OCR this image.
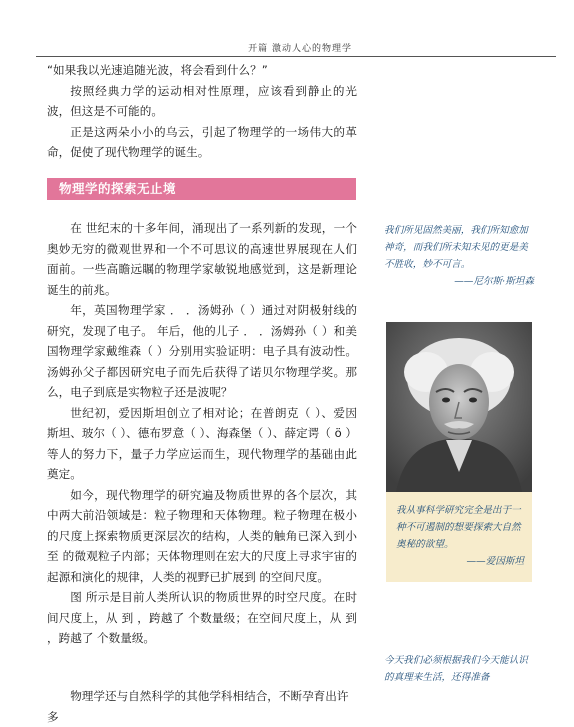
开篇 激动人心的物理学

“如果我以光速追随光波，将会看到什么？”

按照经典力学的运动相对性原理，应该看到静止的光波，但这是不可能的。

正是这两朵小小的乌云，引起了物理学的一场伟大的革命，促使了现代物理学的诞生。

物理学的探索无止境

在 世纪末的十多年间，涌现出了一系列新的发现，一个奥妙无穷的微观世界和一个不可思议的高速世界展现在人们面前。一些高瞻远瞩的物理学家敏锐地感觉到，这是新理论诞生的前兆。

年，英国物理学家 ． ．汤姆孙（ ）通过对阴极射线的研究，发现了电子。 年后，他的儿子 ． ．汤姆孙（ ）和美国物理学家戴维森（ ）分别用实验证明：电子具有波动性。汤姆孙父子都因研究电子而先后获得了诺贝尔物理学奖。那么，电子到底是实物粒子还是波呢？

世纪初，爱因斯坦创立了相对论；在普朗克（ ）、爱因斯坦、玻尔（ ）、德布罗意（ ）、海森堡（ ）、薛定谔（ ö ）等人的努力下，量子力学应运而生，现代物理学的基础由此奠定。

如今，现代物理学的研究遍及物质世界的各个层次，其中两大前沿领域是：粒子物理和天体物理。粒子物理在极小的尺度上探索物质更深层次的结构，人类的触角已深入到小至 的微观粒子内部；天体物理则在宏大的尺度上寻求宇宙的起源和演化的规律，人类的视野已扩展到 的空间尺度。

图 所示是目前人类所认识的物质世界的时空尺度。在时间尺度上，从 到 ，跨越了 个数量级；在空间尺度上，从 到 ，跨越了 个数量级。

物理学还与自然科学的其他学科相结合，不断孕育出许多

我们所见固然美丽，我们所知愈加神奇，而我们所未知未见的更是美不胜收，妙不可言。
——尼尔斯·斯坦森
我从事科学研究完全是出于一种不可遏制的想要探索大自然奥秘的欲望。
——爱因斯坦
今天我们必须根据我们今天能认识的真理来生活，还得准备
